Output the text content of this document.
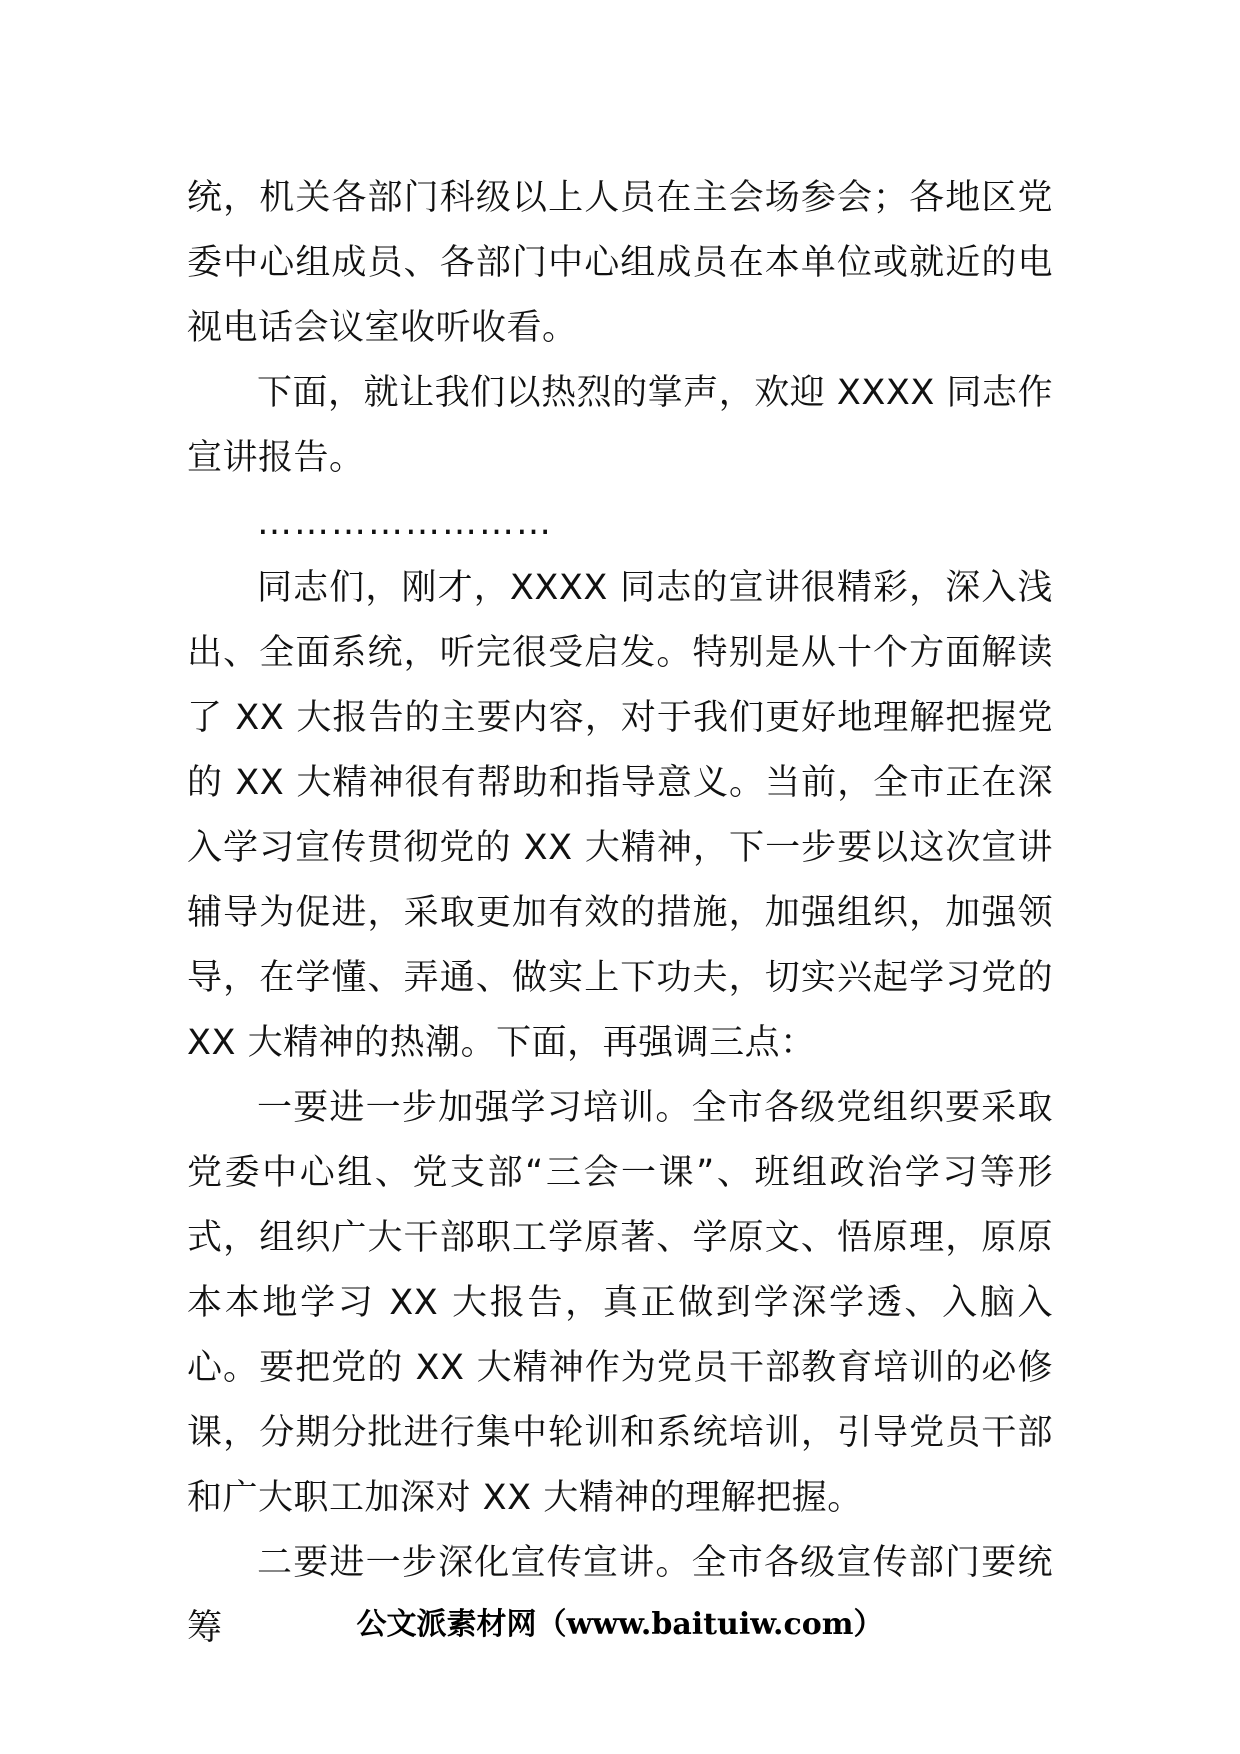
统，机关各部门科级以上人员在主会场参会；各地区党委中心组成员、各部门中心组成员在本单位或就近的电视电话会议室收听收看。

下面，就让我们以热烈的掌声，欢迎 XXXX 同志作宣讲报告。

……………………

同志们，刚才，XXXX 同志的宣讲很精彩，深入浅出、全面系统，听完很受启发。特别是从十个方面解读了 XX 大报告的主要内容，对于我们更好地理解把握党的 XX 大精神很有帮助和指导意义。当前，全市正在深入学习宣传贯彻党的 XX 大精神，下一步要以这次宣讲辅导为促进，采取更加有效的措施，加强组织，加强领导，在学懂、弄通、做实上下功夫，切实兴起学习党的 XX 大精神的热潮。下面，再强调三点：

一要进一步加强学习培训。全市各级党组织要采取党委中心组、党支部“三会一课”、班组政治学习等形式，组织广大干部职工学原著、学原文、悟原理，原原本本地学习 XX 大报告，真正做到学深学透、入脑入心。要把党的 XX 大精神作为党员干部教育培训的必修课，分期分批进行集中轮训和系统培训，引导党员干部和广大职工加深对 XX 大精神的理解把握。

二要进一步深化宣传宣讲。全市各级宣传部门要统筹	公文派素材网（www.baituiw.com）
